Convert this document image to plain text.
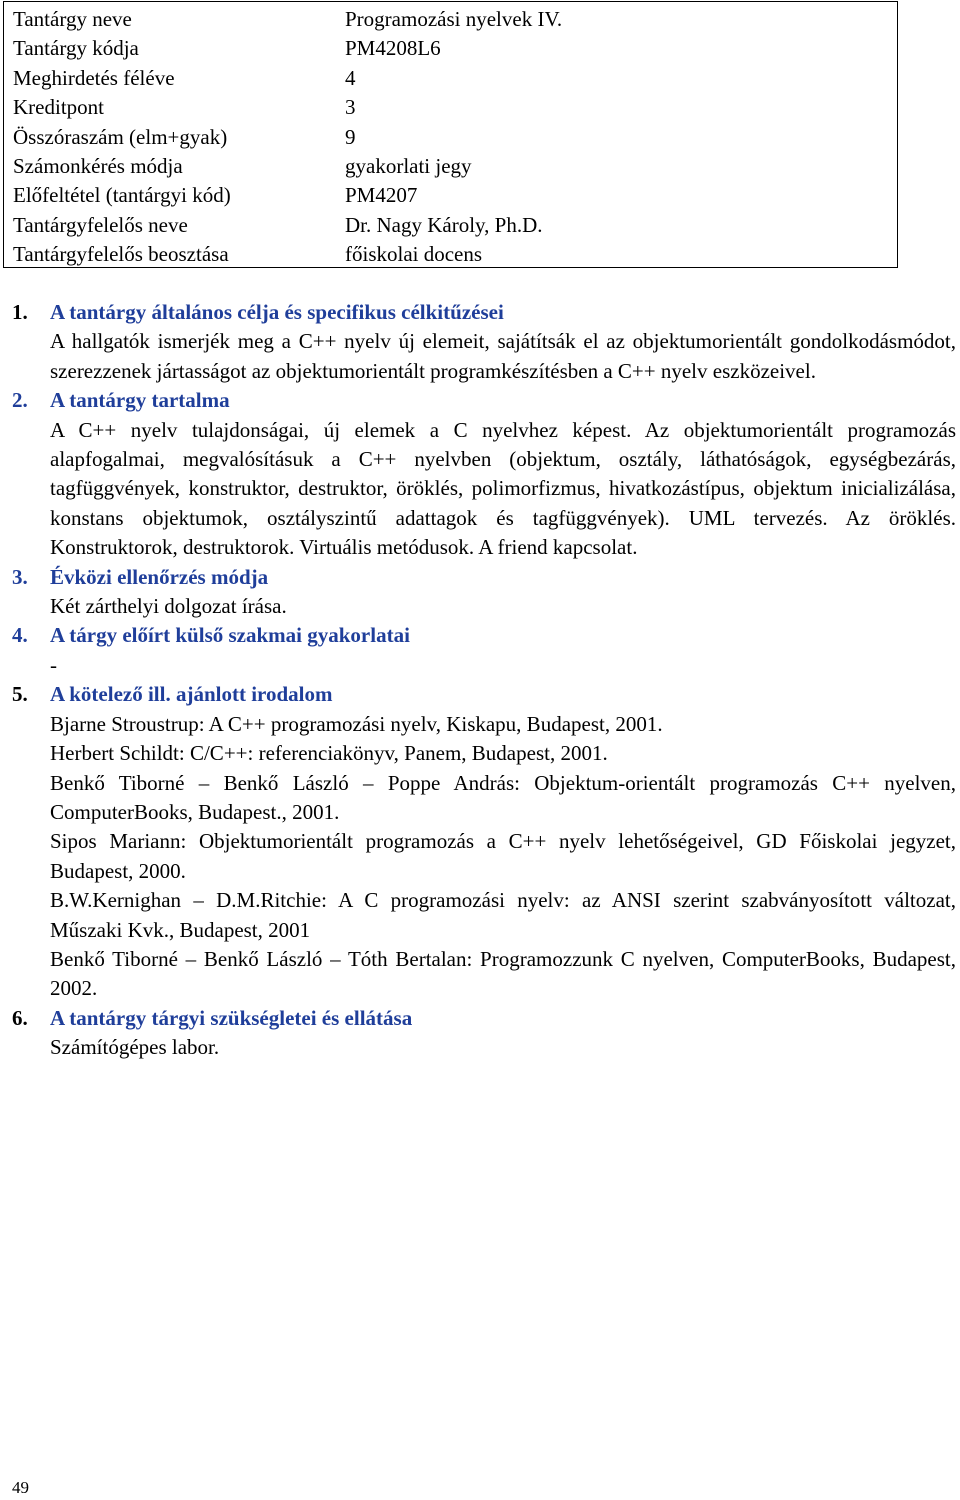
Tantárgy neve	Programozási nyelvek IV.
Tantárgy kódja	PM4208L6
Meghirdetés féléve	4
Kreditpont	3
Összóraszám (elm+gyak)	9
Számonkérés módja	gyakorlati jegy
Előfeltétel (tantárgyi kód)	PM4207
Tantárgyfelelős neve	Dr. Nagy Károly, Ph.D.
Tantárgyfelelős beosztása	főiskolai docens
1.	A tantárgy általános célja és specifikus célkitűzései

A hallgatók ismerjék meg a C++ nyelv új elemeit, sajátítsák el az objektumorientált gondolkodásmódot, szerezzenek jártasságot az objektumorientált programkészítésben a C++ nyelv eszközeivel.

2.	A tantárgy tartalma

A C++ nyelv tulajdonságai, új elemek a C nyelvhez képest. Az objektumorientált programozás alapfogalmai, megvalósításuk a C++ nyelvben (objektum, osztály, láthatóságok, egységbezárás, tagfüggvények, konstruktor, destruktor, öröklés, polimorfizmus, hivatkozástípus, objektum inicializálása, konstans objektumok, osztályszintű adattagok és tagfüggvények). UML tervezés. Az öröklés. Konstruktorok, destruktorok. Virtuális metódusok. A friend kapcsolat.

3.	Évközi ellenőrzés módja

Két zárthelyi dolgozat írása.

4.	A tárgy előírt külső szakmai gyakorlatai

-

5.	A kötelező ill. ajánlott irodalom

Bjarne Stroustrup: A C++ programozási nyelv, Kiskapu, Budapest, 2001.

Herbert Schildt: C/C++: referenciakönyv, Panem, Budapest, 2001.

Benkő Tiborné – Benkő László – Poppe András: Objektum-orientált programozás C++ nyelven, ComputerBooks, Budapest., 2001.

Sipos Mariann: Objektumorientált programozás a C++ nyelv lehetőségeivel, GD Főiskolai jegyzet, Budapest, 2000.

B.W.Kernighan – D.M.Ritchie: A C programozási nyelv: az ANSI szerint szabványosított változat, Műszaki Kvk., Budapest, 2001

Benkő Tiborné – Benkő László – Tóth Bertalan: Programozzunk C nyelven, ComputerBooks, Budapest, 2002.

6.	A tantárgy tárgyi szükségletei és ellátása

Számítógépes labor.

49
